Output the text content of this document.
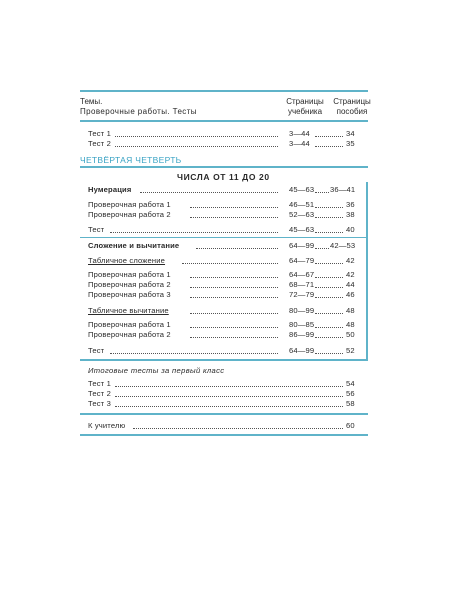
Темы.
Проверочные работы. Тесты
Страницы
учебника
Страницы
пособия
Тест 1	3—44	34
Тест 2	3—44	35
ЧЕТВЁРТАЯ ЧЕТВЕРТЬ
ЧИСЛА ОТ 11 ДО 20
Нумерация	45—63 36—41
Проверочная работа 1	46—51	36
Проверочная работа 2	52—63	38
Тест	45—63	40
Сложение и вычитание	64—99 42—53
Табличное сложение	64—79	42
Проверочная работа 1	64—67	42
Проверочная работа 2	68—71	44
Проверочная работа 3	72—79	46
Табличное вычитание	80—99	48
Проверочная работа 1	80—85	48
Проверочная работа 2	86—99	50
Тест	64—99	52
Итоговые тесты за первый класс
Тест 1	54
Тест 2	56
Тест 3	58
К учителю	60
